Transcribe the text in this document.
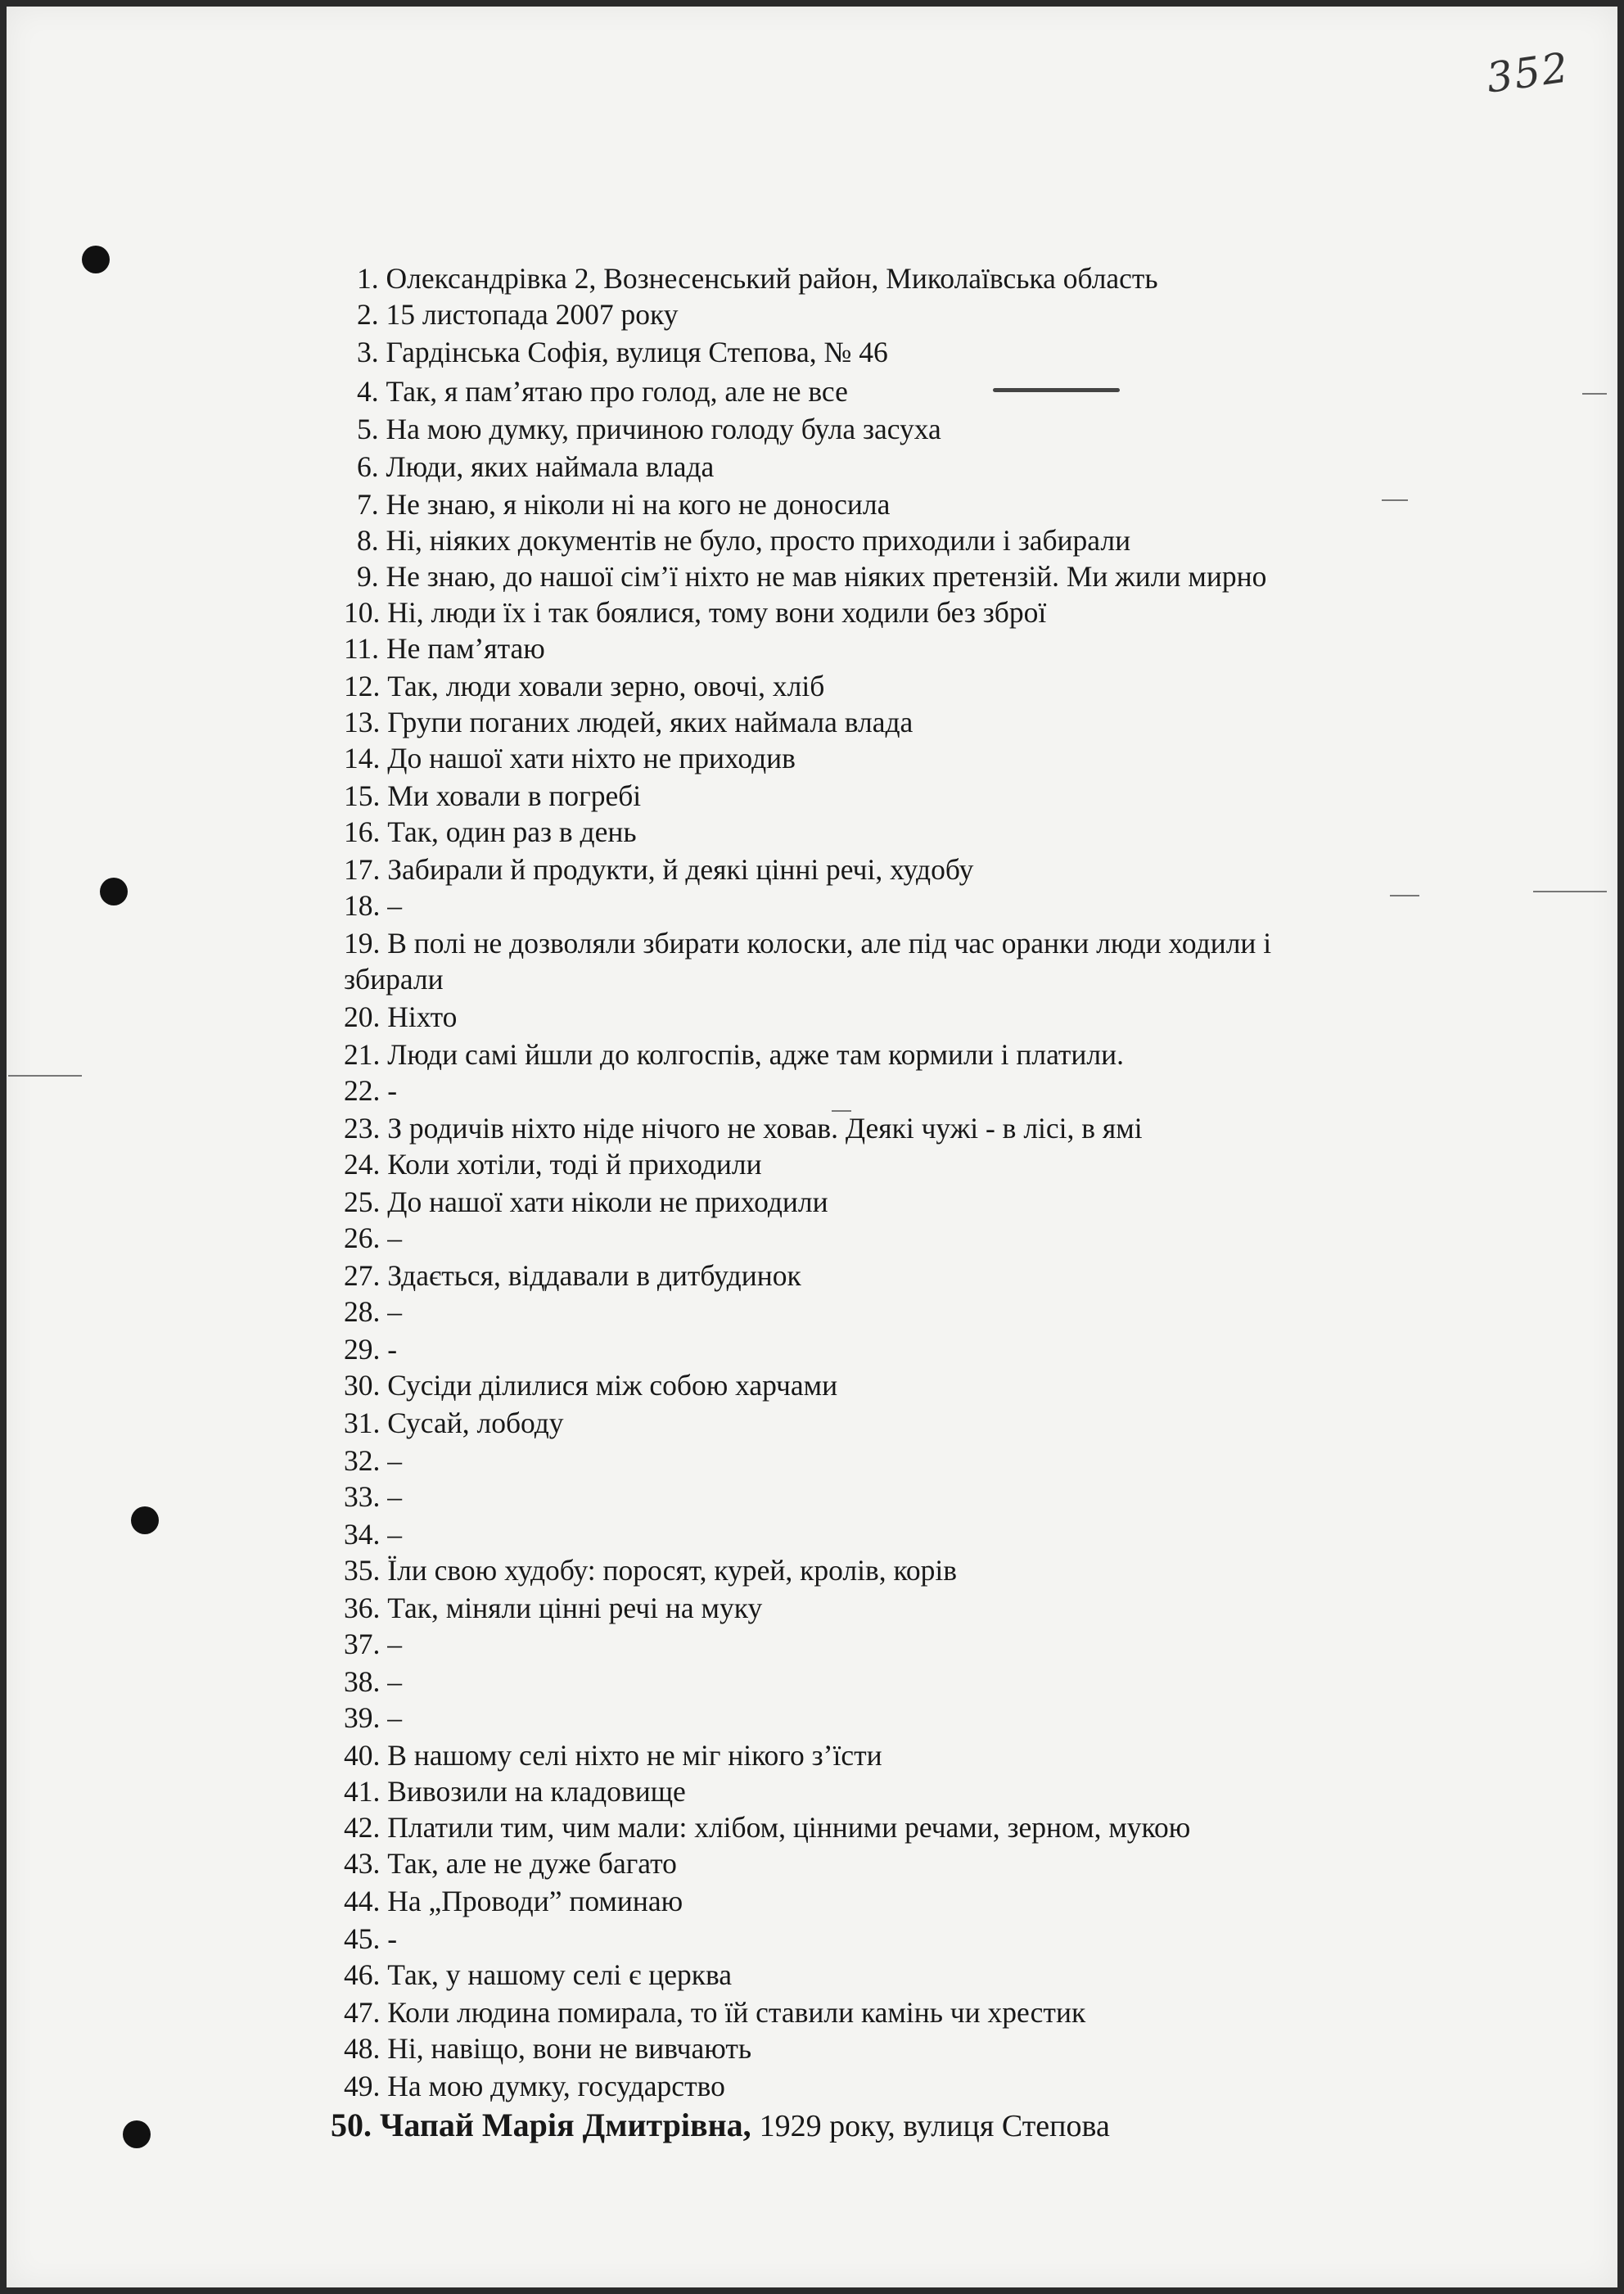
352
1. Олександрівка 2, Вознесенський район, Миколаївська область
2. 15 листопада 2007 року
3. Гардінська Софія, вулиця Степова, № 46
4. Так, я пам’ятаю про голод, але не все
5. На мою думку, причиною голоду була засуха
6. Люди, яких наймала влада
7. Не знаю, я ніколи ні на кого не доносила
8. Ні, ніяких документів не було, просто приходили і забирали
9. Не знаю, до нашої сім’ї ніхто не мав ніяких претензій. Ми жили мирно
10. Ні, люди їх і так боялися, тому вони ходили без зброї
11. Не пам’ятаю
12. Так, люди ховали зерно, овочі, хліб
13. Групи поганих людей, яких наймала влада
14. До нашої хати ніхто не приходив
15. Ми ховали в погребі
16. Так, один раз в день
17. Забирали й продукти, й деякі цінні речі, худобу
18. –
19. В полі не дозволяли збирати колоски, але під час оранки люди ходили і
збирали
20. Ніхто
21. Люди самі йшли до колгоспів, адже там кормили і платили.
22. -
23. З родичів ніхто ніде нічого не ховав. Деякі чужі - в лісі, в ямі
24. Коли хотіли, тоді й приходили
25. До нашої хати ніколи не приходили
26. –
27. Здається, віддавали в дитбудинок
28. –
29. -
30. Сусіди ділилися між собою харчами
31. Сусай, лободу
32. –
33. –
34. –
35. Їли свою худобу: поросят, курей, кролів, корів
36. Так, міняли цінні речі на муку
37. –
38. –
39. –
40. В нашому селі ніхто не міг нікого з’їсти
41. Вивозили на кладовище
42. Платили тим, чим мали: хлібом, цінними речами, зерном, мукою
43. Так, але не дуже багато
44. На „Проводи” поминаю
45. -
46. Так, у нашому селі є церква
47. Коли людина помирала, то їй ставили камінь чи хрестик
48. Ні, навіщо, вони не вивчають
49. На мою думку, государство
50. Чапай Марія Дмитрівна, 1929 року, вулиця Степова
